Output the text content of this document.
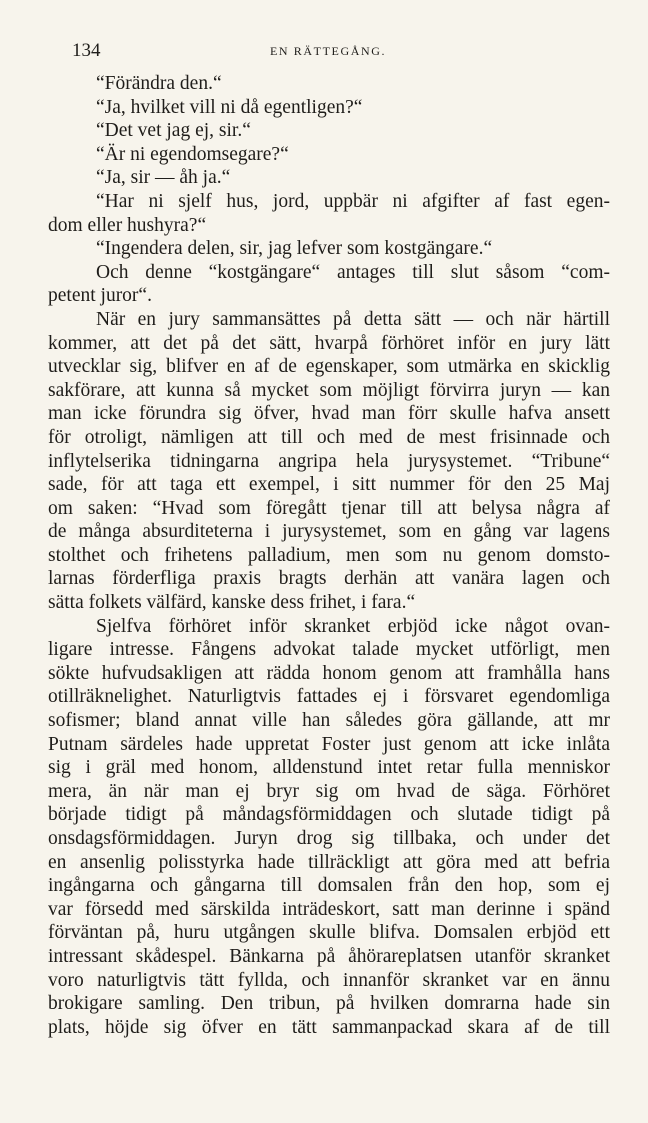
134	EN RÄTTEGÅNG.
“Förändra den.“
“Ja, hvilket vill ni då egentligen?“
“Det vet jag ej, sir.“
“Är ni egendomsegare?“
“Ja, sir — åh ja.“
“Har ni sjelf hus, jord, uppbär ni afgifter af fast egen-
dom eller hushyra?“
“Ingendera delen, sir, jag lefver som kostgängare.“
Och denne “kostgängare“ antages till slut såsom “com-
petent juror“.
När en jury sammansättes på detta sätt — och när härtill
kommer, att det på det sätt, hvarpå förhöret inför en jury lätt
utvecklar sig, blifver en af de egenskaper, som utmärka en skicklig
sakförare, att kunna så mycket som möjligt förvirra juryn — kan
man icke förundra sig öfver, hvad man förr skulle hafva ansett
för otroligt, nämligen att till och med de mest frisinnade och
inflytelserika tidningarna angripa hela jurysystemet. “Tribune“
sade, för att taga ett exempel, i sitt nummer för den 25 Maj
om saken: “Hvad som föregått tjenar till att belysa några af
de många absurditeterna i jurysystemet, som en gång var lagens
stolthet och frihetens palladium, men som nu genom domsto-
larnas förderfliga praxis bragts derhän att vanära lagen och
sätta folkets välfärd, kanske dess frihet, i fara.“
Sjelfva förhöret inför skranket erbjöd icke något ovan-
ligare intresse. Fångens advokat talade mycket utförligt, men
sökte hufvudsakligen att rädda honom genom att framhålla hans
otillräknelighet. Naturligtvis fattades ej i försvaret egendomliga
sofismer; bland annat ville han således göra gällande, att mr
Putnam särdeles hade uppretat Foster just genom att icke inlåta
sig i gräl med honom, alldenstund intet retar fulla menniskor
mera, än när man ej bryr sig om hvad de säga. Förhöret
började tidigt på måndagsförmiddagen och slutade tidigt på
onsdagsförmiddagen. Juryn drog sig tillbaka, och under det
en ansenlig polisstyrka hade tillräckligt att göra med att befria
ingångarna och gångarna till domsalen från den hop, som ej
var försedd med särskilda inträdeskort, satt man derinne i spänd
förväntan på, huru utgången skulle blifva. Domsalen erbjöd ett
intressant skådespel. Bänkarna på åhörareplatsen utanför skranket
voro naturligtvis tätt fyllda, och innanför skranket var en ännu
brokigare samling. Den tribun, på hvilken domrarna hade sin
plats, höjde sig öfver en tätt sammanpackad skara af de till
